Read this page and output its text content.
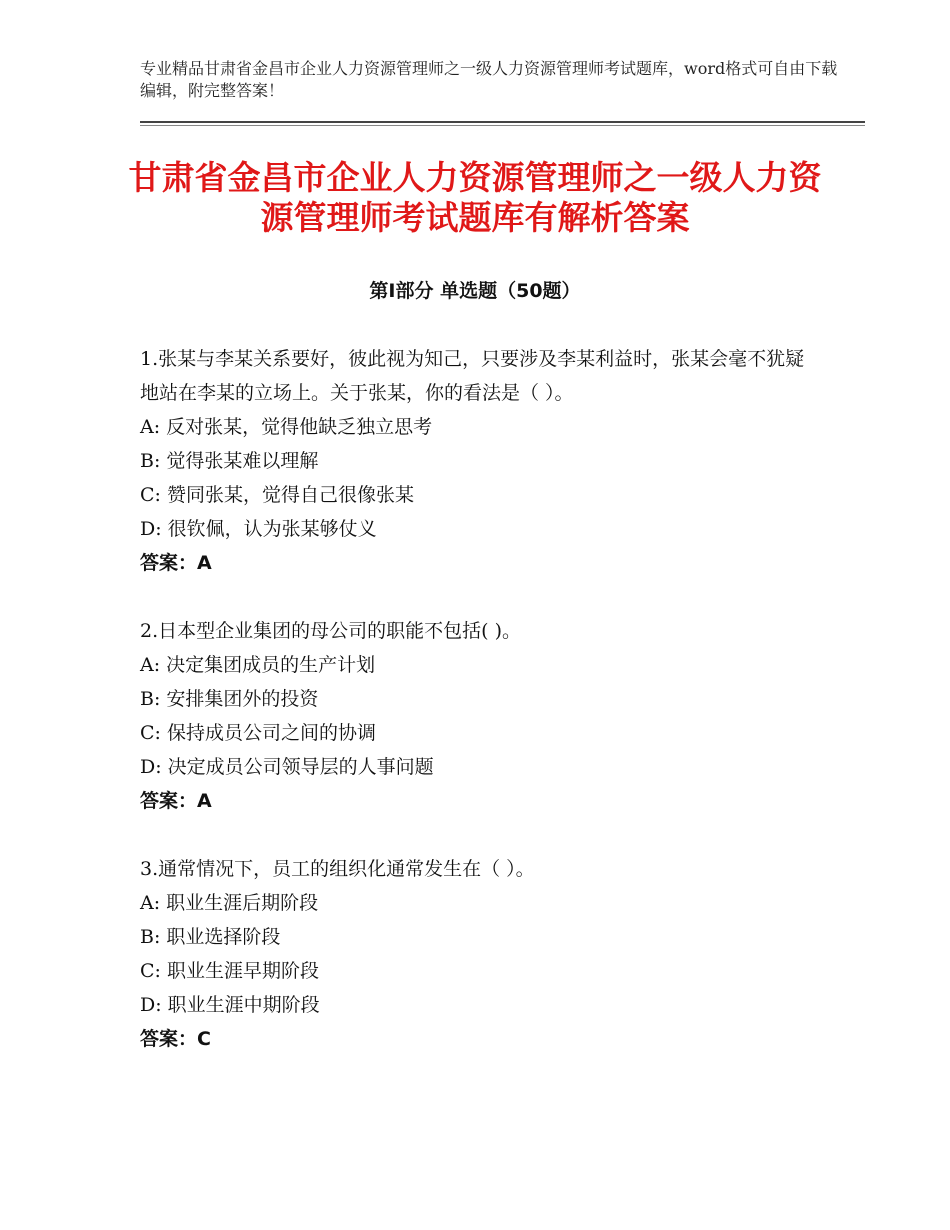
专业精品甘肃省金昌市企业人力资源管理师之一级人力资源管理师考试题库，word格式可自由下载编辑，附完整答案！
甘肃省金昌市企业人力资源管理师之一级人力资源管理师考试题库有解析答案
第Ⅰ部分 单选题（50题）

1.张某与李某关系要好，彼此视为知己，只要涉及李某利益时，张某会毫不犹疑地站在李某的立场上。关于张某，你的看法是（ ）。

A: 反对张某，觉得他缺乏独立思考

B: 觉得张某难以理解

C: 赞同张某，觉得自己很像张某

D: 很钦佩，认为张某够仗义

答案：A

2.日本型企业集团的母公司的职能不包括( )。

A: 决定集团成员的生产计划

B: 安排集团外的投资

C: 保持成员公司之间的协调

D: 决定成员公司领导层的人事问题

答案：A

3.通常情况下，员工的组织化通常发生在（ ）。

A: 职业生涯后期阶段

B: 职业选择阶段

C: 职业生涯早期阶段

D: 职业生涯中期阶段

答案：C
